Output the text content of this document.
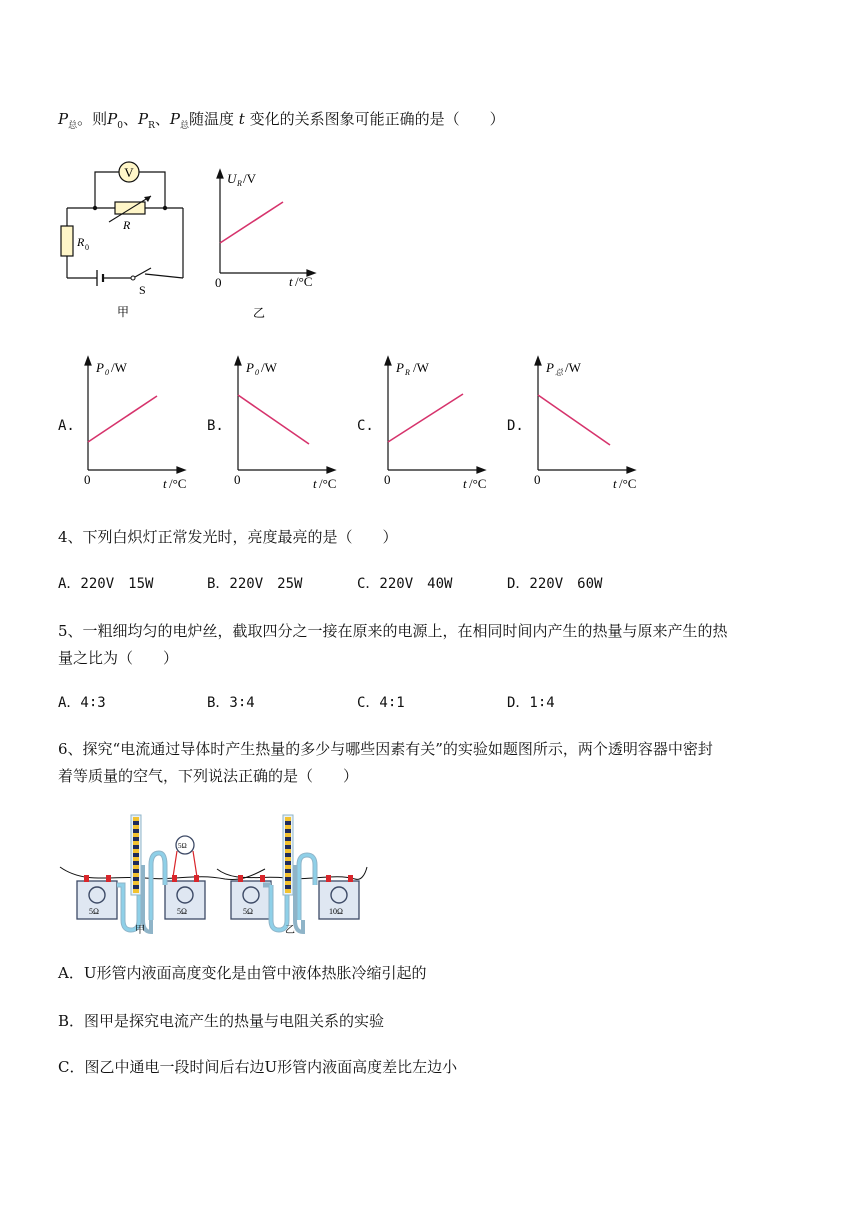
$P_总$。则$P_0$、$P_R$、$P_总$随温度 t 变化的关系图象可能正确的是（　　）
V
R
R 0
S
甲
U R /V
0	t /°C
乙
A.	B.	C.	D.
P 0 /W
0	t /°C
P 0 /W
0	t /°C
P R /W
0	t /°C
P 总 /W
0	t /°C
4、下列白炽灯正常发光时，亮度最亮的是（　　）
A．220V　15W	B．220V　25W	C．220V　40W	D．220V　60W
5、一粗细均匀的电炉丝，截取四分之一接在原来的电源上，在相同时间内产生的热量与原来产生的热
量之比为（　　）
A．4∶3	B．3∶4	C．4∶1	D．1∶4
6、探究“电流通过导体时产生热量的多少与哪些因素有关”的实验如题图所示，两个透明容器中密封
着等质量的空气，下列说法正确的是（　　）
5Ω	5Ω
5Ω
甲
5Ω	10Ω
乙
A．U形管内液面高度变化是由管中液体热胀冷缩引起的
B．图甲是探究电流产生的热量与电阻关系的实验
C．图乙中通电一段时间后右边U形管内液面高度差比左边小
